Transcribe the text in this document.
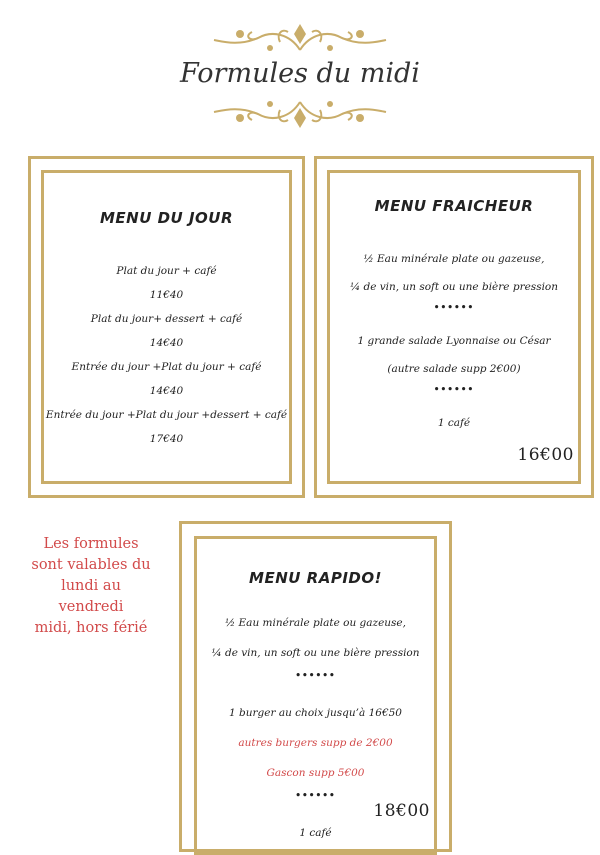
Formules du midi
MENU DU JOUR
Plat du jour + café
11€40
Plat du jour+ dessert + café
14€40
Entrée du jour +Plat du jour + café
14€40
Entrée du jour +Plat du jour +dessert + café
17€40
MENU FRAICHEUR
½ Eau minérale plate ou gazeuse,
¼ de vin, un soft ou une bière pression
••••••
1 grande salade Lyonnaise ou César
(autre salade supp 2€00)
••••••
1 café
16€00
Les formules
sont valables du
lundi au
vendredi
midi, hors férié
MENU RAPIDO!
½ Eau minérale plate ou gazeuse,
¼ de vin, un soft ou une bière pression
••••••
1 burger au choix jusqu’à 16€50
autres burgers supp de 2€00
Gascon supp 5€00
••••••
18€00
1 café
